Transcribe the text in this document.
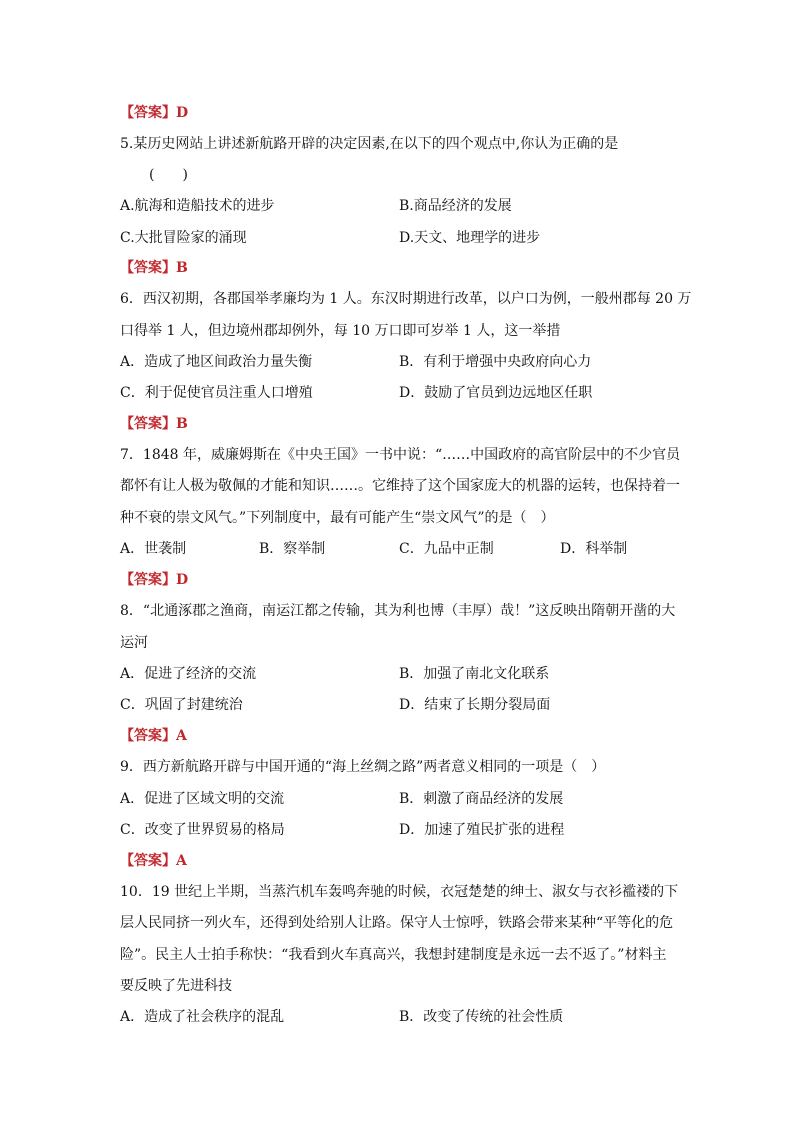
【答案】D
5.某历史网站上讲述新航路开辟的决定因素,在以下的四个观点中,你认为正确的是
(　　)
A.航海和造船技术的进步	B.商品经济的发展
C.大批冒险家的涌现	D.天文、地理学的进步
【答案】B
6．西汉初期，各郡国举孝廉均为 1 人。东汉时期进行改革，以户口为例，一般州郡每 20 万
口得举 1 人，但边境州郡却例外，每 10 万口即可岁举 1 人，这一举措
A．造成了地区间政治力量失衡	B．有利于增强中央政府向心力
C．利于促使官员注重人口增殖	D．鼓励了官员到边远地区任职
【答案】B
7．1848 年，威廉姆斯在《中央王国》一书中说：“……中国政府的高官阶层中的不少官员
都怀有让人极为敬佩的才能和知识……。它维持了这个国家庞大的机器的运转，也保持着一
种不衰的崇文风气。”下列制度中，最有可能产生“崇文风气”的是（　）
A．世袭制	B．察举制	C．九品中正制	D．科举制
【答案】D
8．“北通涿郡之渔商，南运江都之传输，其为利也博（丰厚）哉！”这反映出隋朝开凿的大
运河
A．促进了经济的交流	B．加强了南北文化联系
C．巩固了封建统治	D．结束了长期分裂局面
【答案】A
9．西方新航路开辟与中国开通的“海上丝绸之路”两者意义相同的一项是（　）
A．促进了区域文明的交流	B．刺激了商品经济的发展
C．改变了世界贸易的格局	D．加速了殖民扩张的进程
【答案】A
10．19 世纪上半期，当蒸汽机车轰鸣奔驰的时候，衣冠楚楚的绅士、淑女与衣衫褴褛的下
层人民同挤一列火车，还得到处给别人让路。保守人士惊呼，铁路会带来某种“平等化的危
险”。民主人士拍手称快：“我看到火车真高兴，我想封建制度是永远一去不返了。”材料主
要反映了先进科技
A．造成了社会秩序的混乱	B．改变了传统的社会性质
